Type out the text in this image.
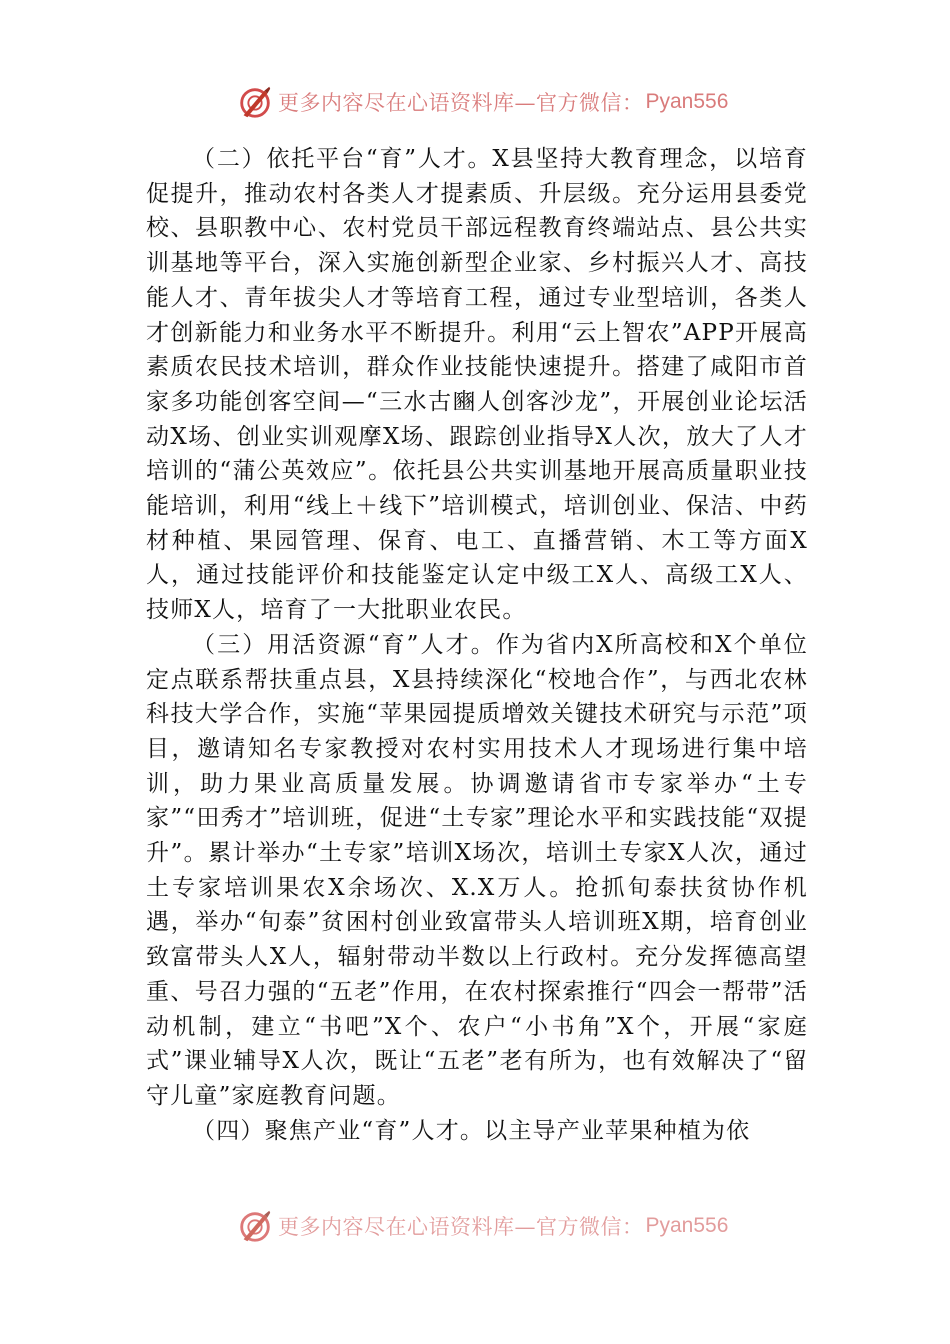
更多内容尽在心语资料库—官方微信： Pyan556

（二）依托平台“育”人才。X县坚持大教育理念，以培育促提升，推动农村各类人才提素质、升层级。充分运用县委党校、县职教中心、农村党员干部远程教育终端站点、县公共实训基地等平台，深入实施创新型企业家、乡村振兴人才、高技能人才、青年拔尖人才等培育工程，通过专业型培训，各类人才创新能力和业务水平不断提升。利用“云上智农”APP开展高素质农民技术培训，群众作业技能快速提升。搭建了咸阳市首家多功能创客空间—“三水古豳人创客沙龙”，开展创业论坛活动X场、创业实训观摩X场、跟踪创业指导X人次，放大了人才培训的“蒲公英效应”。依托县公共实训基地开展高质量职业技能培训，利用“线上＋线下”培训模式，培训创业、保洁、中药材种植、果园管理、保育、电工、直播营销、木工等方面X人，通过技能评价和技能鉴定认定中级工X人、高级工X人、技师X人，培育了一大批职业农民。

（三）用活资源“育”人才。作为省内X所高校和X个单位定点联系帮扶重点县，X县持续深化“校地合作”，与西北农林科技大学合作，实施“苹果园提质增效关键技术研究与示范”项目，邀请知名专家教授对农村实用技术人才现场进行集中培训，助力果业高质量发展。协调邀请省市专家举办“土专家”“田秀才”培训班，促进“土专家”理论水平和实践技能“双提升”。累计举办“土专家”培训X场次，培训土专家X人次，通过土专家培训果农X余场次、X.X万人。抢抓旬泰扶贫协作机遇，举办“旬泰”贫困村创业致富带头人培训班X期，培育创业致富带头人X人，辐射带动半数以上行政村。充分发挥德高望重、号召力强的“五老”作用，在农村探索推行“四会一帮带”活动机制，建立“书吧”X个、农户“小书角”X个，开展“家庭式”课业辅导X人次，既让“五老”老有所为，也有效解决了“留守儿童”家庭教育问题。

（四）聚焦产业“育”人才。以主导产业苹果种植为依

更多内容尽在心语资料库—官方微信： Pyan556
